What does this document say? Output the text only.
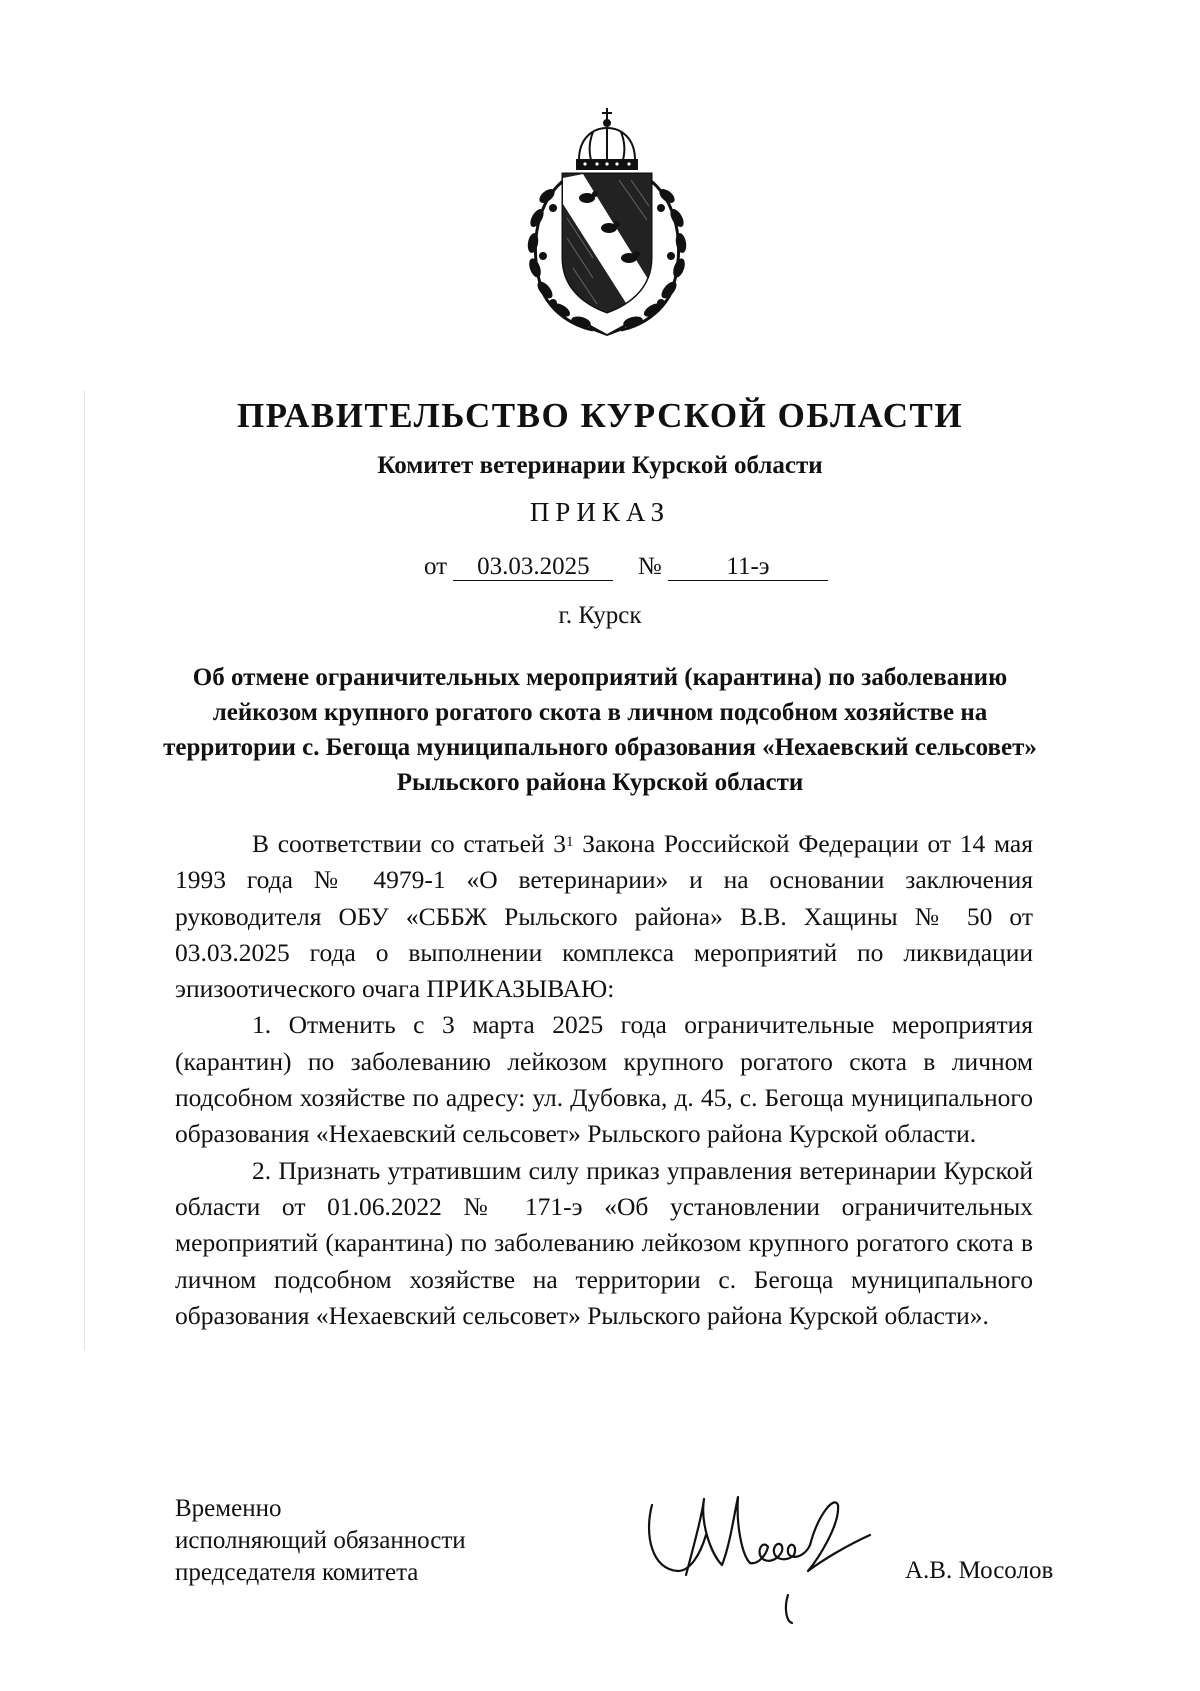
ПРАВИТЕЛЬСТВО КУРСКОЙ ОБЛАСТИ
Комитет ветеринарии Курской области
ПРИКАЗ
от 03.03.2025 №	11-э
г. Курск
Об отмене ограничительных мероприятий (карантина) по заболеванию лейкозом крупного рогатого скота в личном подсобном хозяйстве на территории с. Бегоща муниципального образования «Нехаевский сельсовет» Рыльского района Курской области

В соответствии со статьей $3^1$ Закона Российской Федерации от 14 мая 1993 года № 4979-1 «О ветеринарии» и на основании заключения руководителя ОБУ «СББЖ Рыльского района» В.В. Хащины № 50 от 03.03.2025 года о выполнении комплекса мероприятий по ликвидации эпизоотического очага ПРИКАЗЫВАЮ:

1. Отменить с 3 марта 2025 года ограничительные мероприятия (карантин) по заболеванию лейкозом крупного рогатого скота в личном подсобном хозяйстве по адресу: ул. Дубовка, д. 45, с. Бегоща муниципального образования «Нехаевский сельсовет» Рыльского района Курской области.

2. Признать утратившим силу приказ управления ветеринарии Курской области от 01.06.2022 № 171-э «Об установлении ограничительных мероприятий (карантина) по заболеванию лейкозом крупного рогатого скота в личном подсобном хозяйстве на территории с. Бегоща муниципального образования «Нехаевский сельсовет» Рыльского района Курской области».

Временно
исполняющий обязанности
председателя комитета	А.В. Мосолов
